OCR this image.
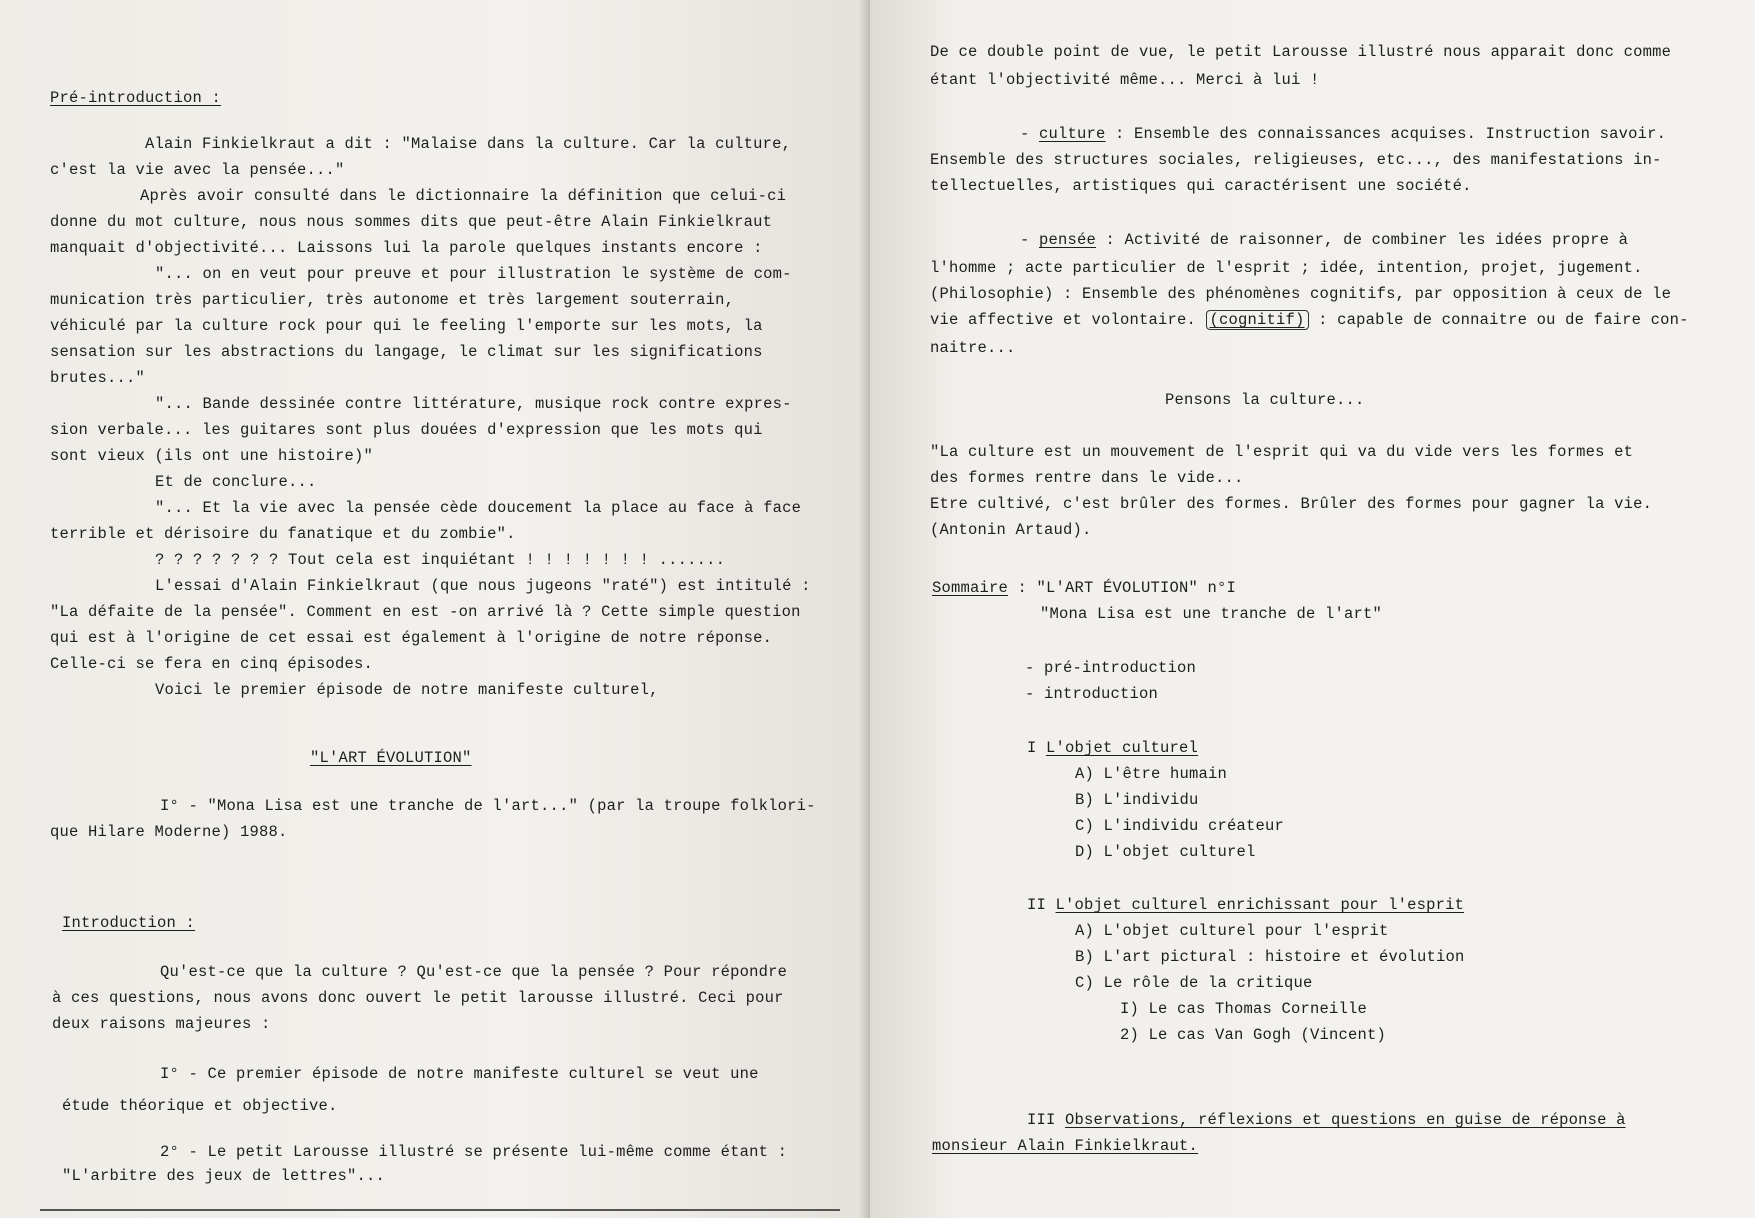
Pré-introduction :
Alain Finkielkraut a dit : "Malaise dans la culture. Car la culture,
c'est la vie avec la pensée..."
Après avoir consulté dans le dictionnaire la définition que celui-ci
donne du mot culture, nous nous sommes dits que peut-être Alain Finkielkraut
manquait d'objectivité... Laissons lui la parole quelques instants encore :
"... on en veut pour preuve et pour illustration le système de com-
munication très particulier, très autonome et très largement souterrain,
véhiculé par la culture rock pour qui le feeling l'emporte sur les mots, la
sensation sur les abstractions du langage, le climat sur les significations
brutes..."
"... Bande dessinée contre littérature, musique rock contre expres-
sion verbale... les guitares sont plus douées d'expression que les mots qui
sont vieux (ils ont une histoire)"
Et de conclure...
"... Et la vie avec la pensée cède doucement la place au face à face
terrible et dérisoire du fanatique et du zombie".
? ? ? ? ? ? ? Tout cela est inquiétant ! ! ! ! ! ! ! .......
L'essai d'Alain Finkielkraut (que nous jugeons "raté") est intitulé :
"La défaite de la pensée". Comment en est -on arrivé là ? Cette simple question
qui est à l'origine de cet essai est également à l'origine de notre réponse.
Celle-ci se fera en cinq épisodes.
Voici le premier épisode de notre manifeste culturel,
"L'ART ÉVOLUTION"
I° - "Mona Lisa est une tranche de l'art..." (par la troupe folklori-
que Hilare Moderne) 1988.
Introduction :
Qu'est-ce que la culture ? Qu'est-ce que la pensée ? Pour répondre
à ces questions, nous avons donc ouvert le petit larousse illustré. Ceci pour
deux raisons majeures :
I° - Ce premier épisode de notre manifeste culturel se veut une
étude théorique et objective.
2° - Le petit Larousse illustré se présente lui-même comme étant :
"L'arbitre des jeux de lettres"...
De ce double point de vue, le petit Larousse illustré nous apparait donc comme
étant l'objectivité même... Merci à lui !
- culture : Ensemble des connaissances acquises. Instruction savoir.
Ensemble des structures sociales, religieuses, etc..., des manifestations in-
tellectuelles, artistiques qui caractérisent une société.
- pensée : Activité de raisonner, de combiner les idées propre à
l'homme ; acte particulier de l'esprit ; idée, intention, projet, jugement.
(Philosophie) : Ensemble des phénomènes cognitifs, par opposition à ceux de le
vie affective et volontaire. (cognitif) : capable de connaitre ou de faire con-
naitre...
Pensons la culture...
"La culture est un mouvement de l'esprit qui va du vide vers les formes et
des formes rentre dans le vide...
Etre cultivé, c'est brûler des formes. Brûler des formes pour gagner la vie.
(Antonin Artaud).
Sommaire : "L'ART ÉVOLUTION" n°I
"Mona Lisa est une tranche de l'art"
- pré-introduction
- introduction
I L'objet culturel
A) L'être humain
B) L'individu
C) L'individu créateur
D) L'objet culturel
II L'objet culturel enrichissant pour l'esprit
A) L'objet culturel pour l'esprit
B) L'art pictural : histoire et évolution
C) Le rôle de la critique
I) Le cas Thomas Corneille
2) Le cas Van Gogh (Vincent)
III Observations, réflexions et questions en guise de réponse à
monsieur Alain Finkielkraut.
